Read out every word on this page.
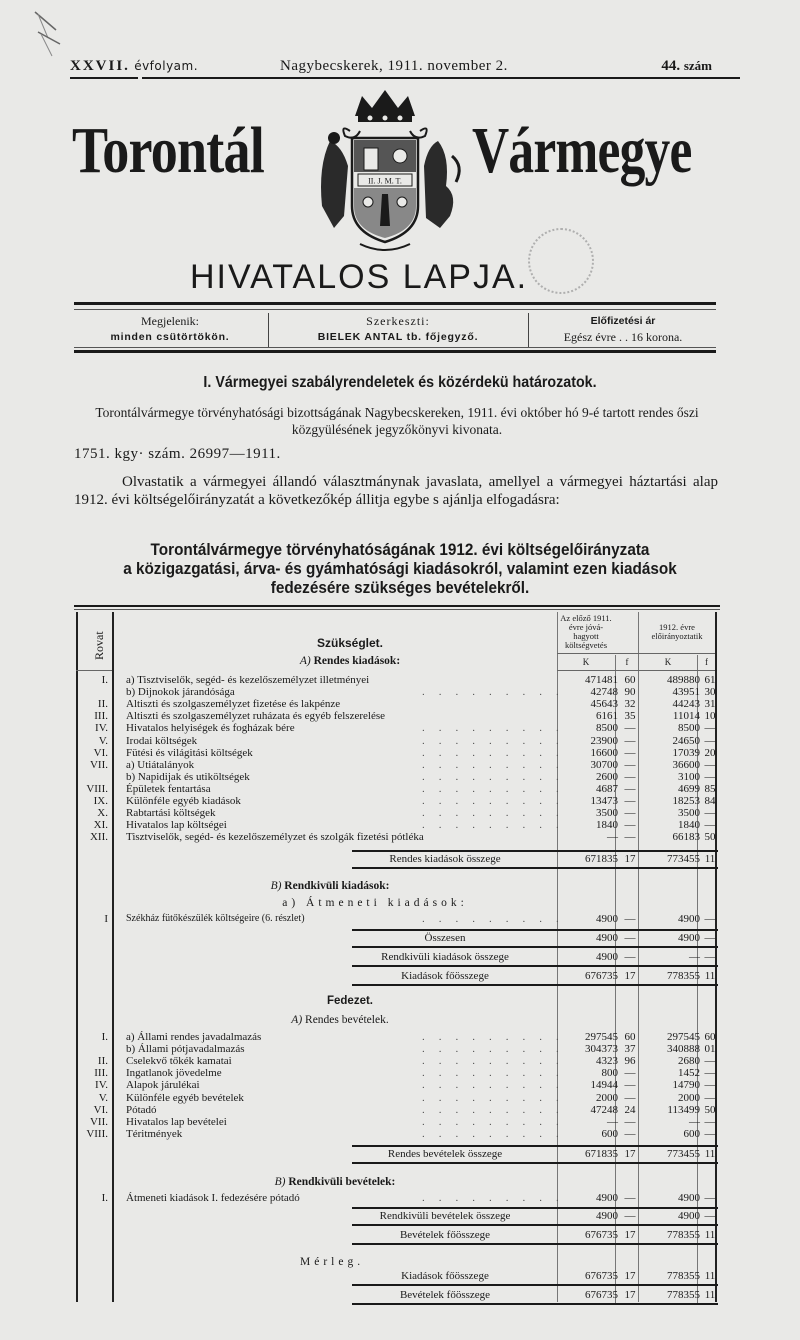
XXVII. évfolyam.	Nagybecskerek, 1911. november 2.	44. szám
Torontál	II. J. M. T. Vármegye
HIVATALOS LAPJA.
Megjelenik:
minden csütörtökön.
Szerkeszti:
BIELEK ANTAL tb. főjegyző.
Előfizetési ár
Egész évre . . 16 korona.
I. Vármegyei szabályrendeletek és közérdekü határozatok.
Torontálvármegye törvényhatósági bizottságának Nagybecskereken, 1911. évi október hó 9-é tartott rendes őszi közgyülésének jegyzőkönyvi kivonata.
1751. kgy· szám. 26997—1911.
Olvastatik a vármegyei állandó választmánynak javaslata, amellyel a vármegyei háztartási alap 1912. évi költségelőirányzatát a következőkép állitja egybe s ajánlja elfogadásra:
Torontálvármegye törvényhatóságának 1912. évi költségelőirányzata
a közigazgatási, árva- és gyámhatósági kiadásokról, valamint ezen kiadások
fedezésére szükséges bevételekről.
Rovat
Az előző 1911.
évre jóvá-
hagyott
költségvetés
1912. évre
előirányoztatik
K	f	K	f
Szükséglet.
A) Rendes kiadások:
I. a) Tisztviselők, segéd- és kezelőszemélyzet illetményei	471481 60	489880 61
b) Dijnokok járandósága	42748 90	43951 30
.........
II. Altiszti és szolgaszemélyzet fizetése és lakpénze	45643 32	44243 31
III. Altiszti és szolgaszemélyzet ruházata és egyéb felszerelése	6161 35	11014 10
IV. Hivatalos helyiségek és fogházak bére	8500 —	8500 —
.........
V. Irodai költségek	23900 —	24650 —
.........
VI. Fütési és világitási költségek	16600 —	17039 20
.........
VII. a) Utiátalányok	30700 —	36600 —
.........
b) Napidijak és utiköltségek	2600 —	3100 —
.........
VIII. Épületek fentartása	4687 —	4699 85
.........
IX. Különféle egyéb kiadások	13473 —	18253 84
.........
X. Rabtartási költségek	3500 —	3500 —
.........
XI. Hivatalos lap költségei	1840 —	1840 —
.........
XII. Tisztviselők, segéd- és kezelőszemélyzet és szolgák fizetési pótléka	— —	66183 50
Rendes kiadások összege	671835 17	773455 11
B) Rendkivüli kiadások:
a) Átmeneti kiadások:
I Székház fütőkészülék költségeire (6. részlet)	4900 —	4900 —
.........
Összesen	4900 —	4900 —
Rendkivüli kiadások összege	4900 —	— —
Kiadások főösszege	676735 17	778355 11
Fedezet.
A) Rendes bevételek.
I. a) Állami rendes javadalmazás	297545 60	297545 60
.........
b) Állami pótjavadalmazás	304373 37	340888 01
.........
II. Cselekvő tőkék kamatai	4323 96	2680 —
.........
III. Ingatlanok jövedelme	800 —	1452 —
.........
IV. Alapok járulékai	14944 —	14790 —
.........
V. Különféle egyéb bevételek	2000 —	2000 —
.........
VI. Pótadó	47248 24	113499 50
.........
VII. Hivatalos lap bevételei	— —	— —
.........
VIII. Téritmények	600 —	600 —
.........
Rendes bevételek összege	671835 17	773455 11
B) Rendkivüli bevételek:
I. Átmeneti kiadások I. fedezésére pótadó	4900 —	4900 —
.........
Rendkivüli bevételek összege	4900 —	4900 —
Bevételek főösszege	676735 17	778355 11
Mérleg.
Kiadások főösszege	676735 17	778355 11
Bevételek főösszege	676735 17	778355 11
